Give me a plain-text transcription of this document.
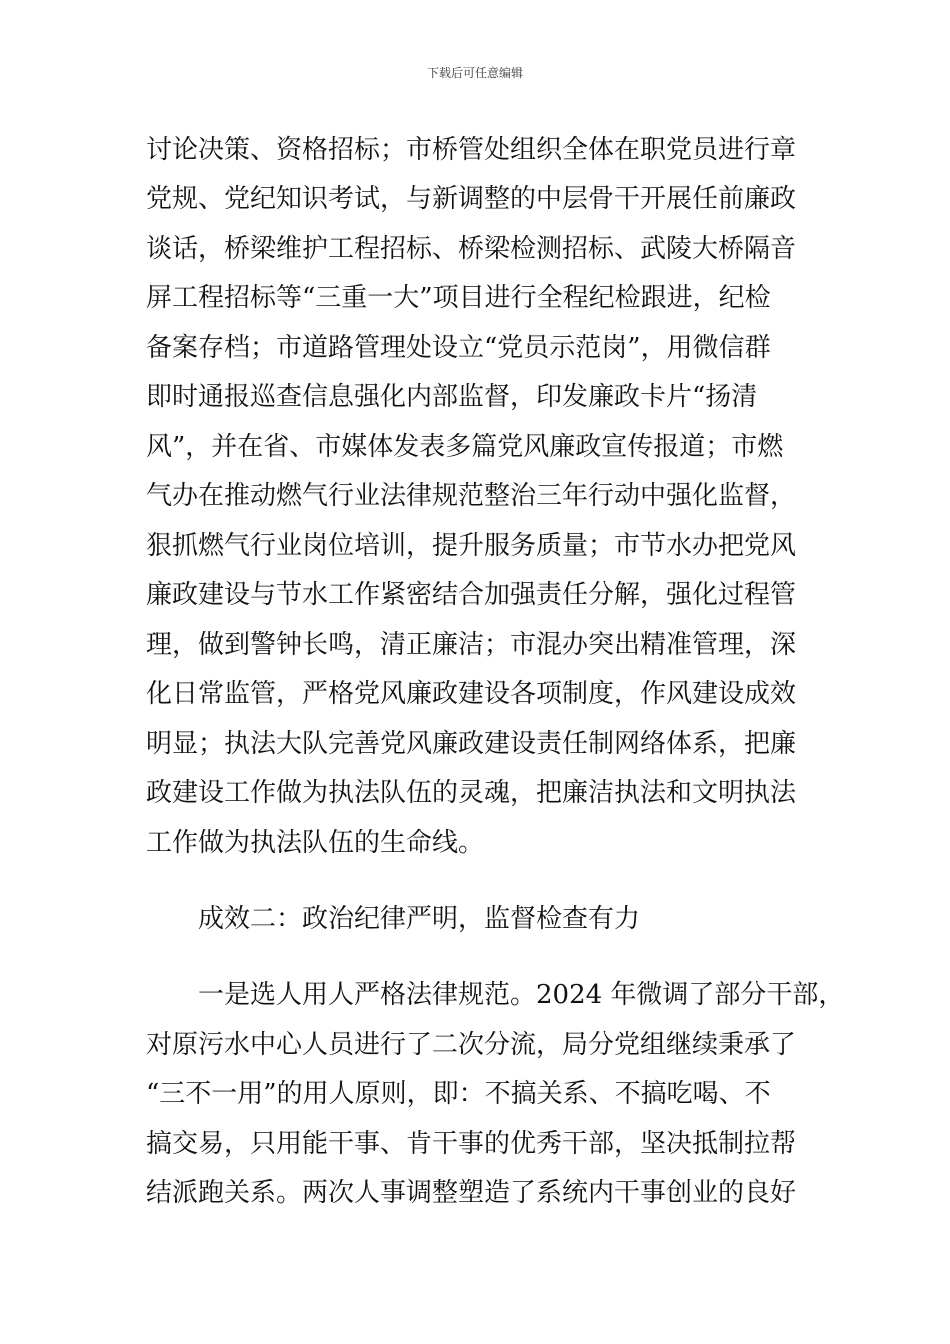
下载后可任意编辑
讨论决策、资格招标；市桥管处组织全体在职党员进行章
党规、党纪知识考试，与新调整的中层骨干开展任前廉政
谈话，桥梁维护工程招标、桥梁检测招标、武陵大桥隔音
屏工程招标等“三重一大”项目进行全程纪检跟进，纪检
备案存档；市道路管理处设立“党员示范岗”，用微信群
即时通报巡查信息强化内部监督，印发廉政卡片“扬清
风”，并在省、市媒体发表多篇党风廉政宣传报道；市燃
气办在推动燃气行业法律规范整治三年行动中强化监督，
狠抓燃气行业岗位培训，提升服务质量；市节水办把党风
廉政建设与节水工作紧密结合加强责任分解，强化过程管
理，做到警钟长鸣，清正廉洁；市混办突出精准管理，深
化日常监管，严格党风廉政建设各项制度，作风建设成效
明显；执法大队完善党风廉政建设责任制网络体系，把廉
政建设工作做为执法队伍的灵魂，把廉洁执法和文明执法
工作做为执法队伍的生命线。
成效二：政治纪律严明，监督检查有力
一是选人用人严格法律规范。2024 年微调了部分干部，
对原污水中心人员进行了二次分流，局分党组继续秉承了
“三不一用”的用人原则，即：不搞关系、不搞吃喝、不
搞交易，只用能干事、肯干事的优秀干部，坚决抵制拉帮
结派跑关系。两次人事调整塑造了系统内干事创业的良好
